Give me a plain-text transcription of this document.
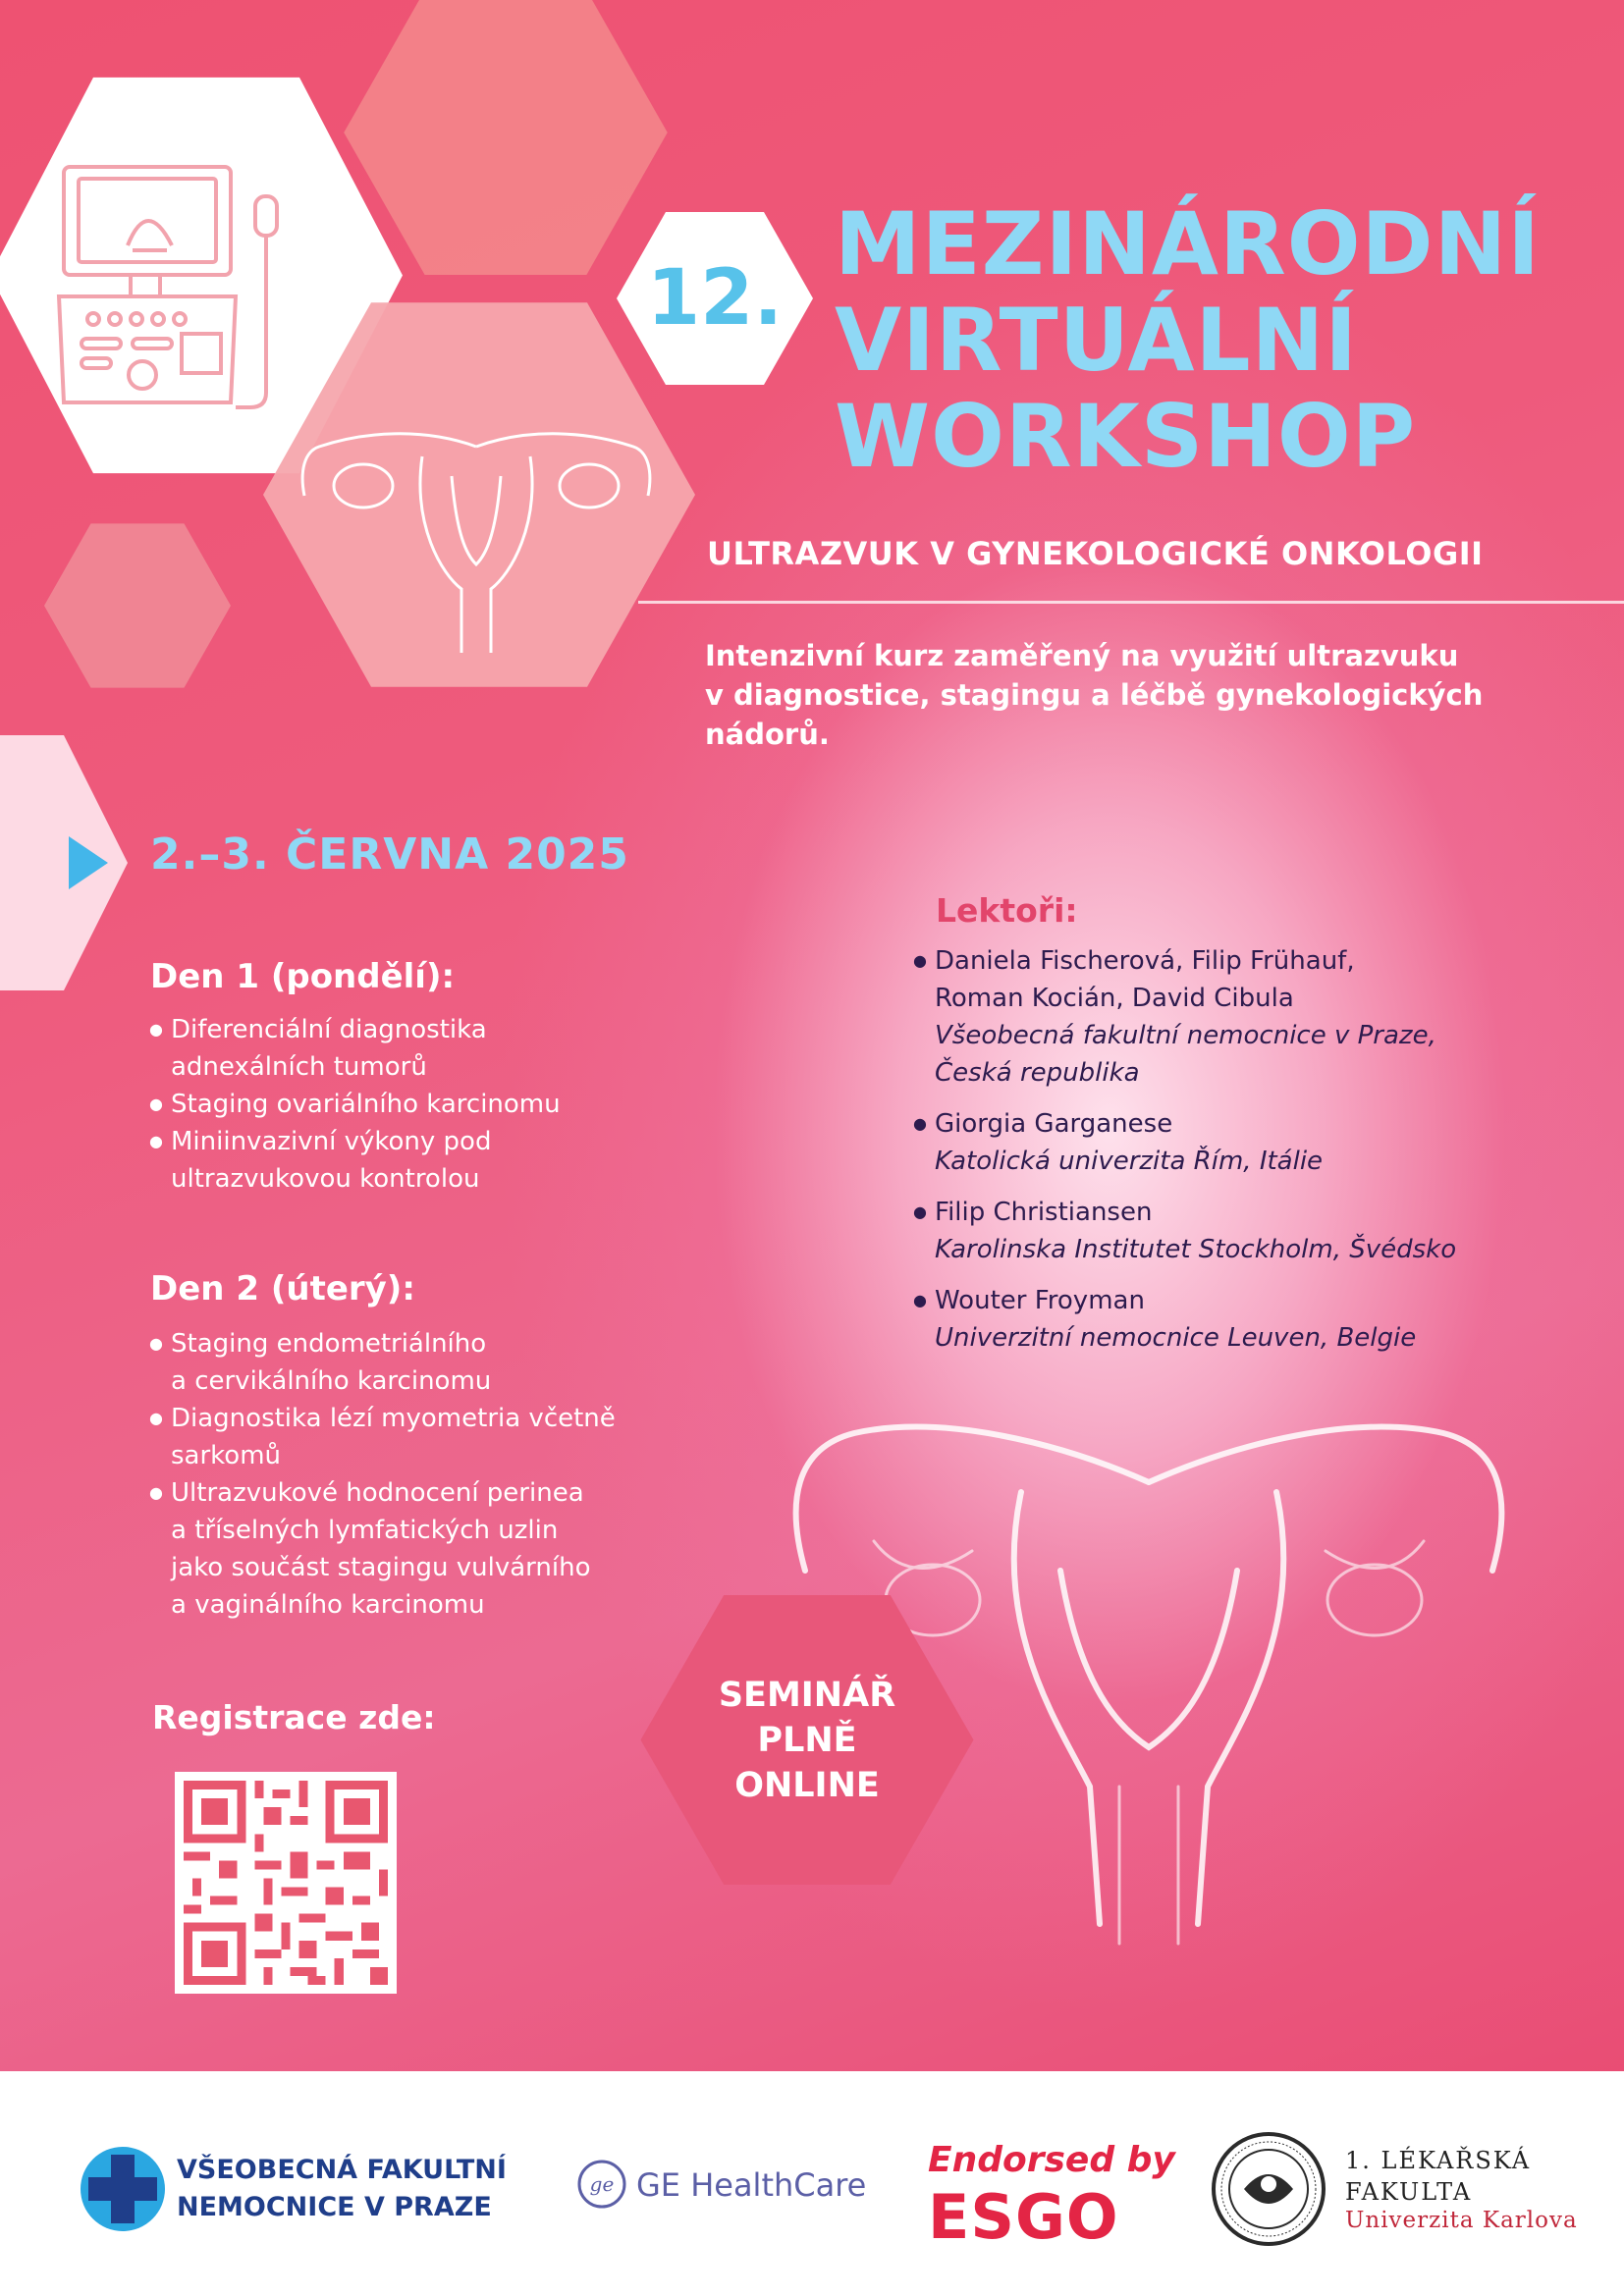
12.
MEZINÁRODNÍ
VIRTUÁLNÍ
WORKSHOP
ULTRAZVUK V GYNEKOLOGICKÉ ONKOLOGII
Intenzivní kurz zaměřený na využití ultrazvuku
v diagnostice, stagingu a léčbě gynekologických nádorů.
2.–3. ČERVNA 2025
Den 1 (pondělí):
● Diferenciální diagnostika
adnexálních tumorů
● Staging ovariálního karcinomu
● Miniinvazivní výkony pod
ultrazvukovou kontrolou
Den 2 (úterý):
● Staging endometriálního
a cervikálního karcinomu
● Diagnostika lézí myometria včetně
sarkomů
● Ultrazvukové hodnocení perinea
a tříselných lymfatických uzlin
jako součást stagingu vulvárního
a vaginálního karcinomu
Lektoři:
● Daniela Fischerová, Filip Frühauf,
Roman Kocián, David Cibula
Všeobecná fakultní nemocnice v Praze,
Česká republika
● Giorgia Garganese
Katolická univerzita Řím, Itálie
● Filip Christiansen
Karolinska Institutet Stockholm, Švédsko
● Wouter Froyman
Univerzitní nemocnice Leuven, Belgie
Registrace zde:
SEMINÁŘ
PLNĚ
ONLINE
VŠEOBECNÁ FAKULTNÍ
NEMOCNICE V PRAZE
ge GE HealthCare
Endorsed by
ESGO
1. LÉKAŘSKÁ
FAKULTA
Univerzita Karlova
